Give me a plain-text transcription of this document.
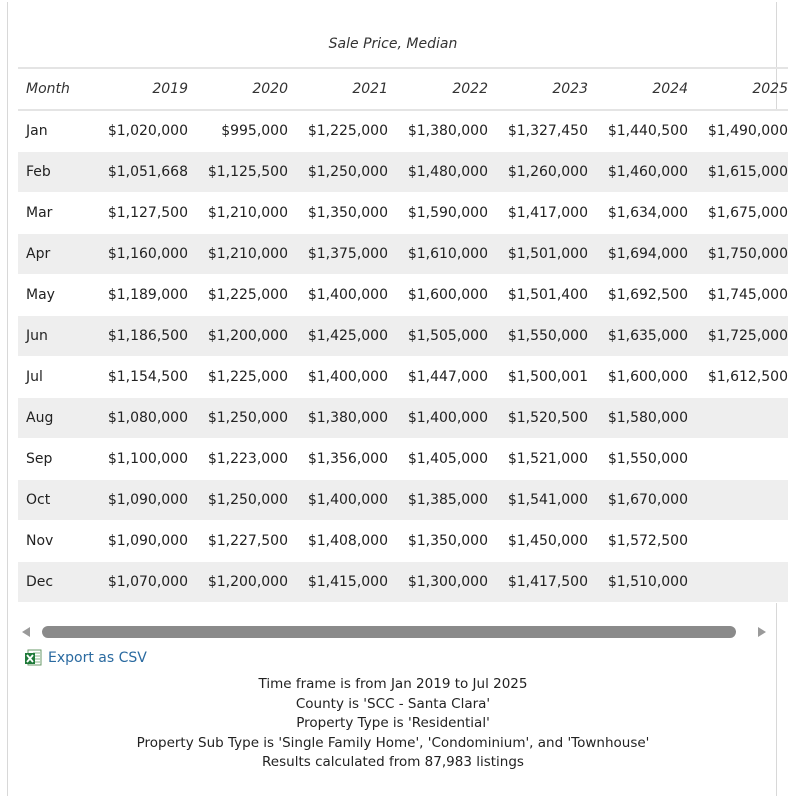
Sale Price, Median
Month	2019	2020	2021	2022	2023	2024	2025
Jan	$1,020,000	$995,000	$1,225,000	$1,380,000	$1,327,450	$1,440,500	$1,490,000
Feb	$1,051,668	$1,125,500	$1,250,000	$1,480,000	$1,260,000	$1,460,000	$1,615,000
Mar	$1,127,500	$1,210,000	$1,350,000	$1,590,000	$1,417,000	$1,634,000	$1,675,000
Apr	$1,160,000	$1,210,000	$1,375,000	$1,610,000	$1,501,000	$1,694,000	$1,750,000
May	$1,189,000	$1,225,000	$1,400,000	$1,600,000	$1,501,400	$1,692,500	$1,745,000
Jun	$1,186,500	$1,200,000	$1,425,000	$1,505,000	$1,550,000	$1,635,000	$1,725,000
Jul	$1,154,500	$1,225,000	$1,400,000	$1,447,000	$1,500,001	$1,600,000	$1,612,500
Aug	$1,080,000	$1,250,000	$1,380,000	$1,400,000	$1,520,500	$1,580,000	
Sep	$1,100,000	$1,223,000	$1,356,000	$1,405,000	$1,521,000	$1,550,000	
Oct	$1,090,000	$1,250,000	$1,400,000	$1,385,000	$1,541,000	$1,670,000	
Nov	$1,090,000	$1,227,500	$1,408,000	$1,350,000	$1,450,000	$1,572,500	
Dec	$1,070,000	$1,200,000	$1,415,000	$1,300,000	$1,417,500	$1,510,000	
Export as CSV
Time frame is from Jan 2019 to Jul 2025
County is 'SCC - Santa Clara'
Property Type is 'Residential'
Property Sub Type is 'Single Family Home', 'Condominium', and 'Townhouse'
Results calculated from 87,983 listings
